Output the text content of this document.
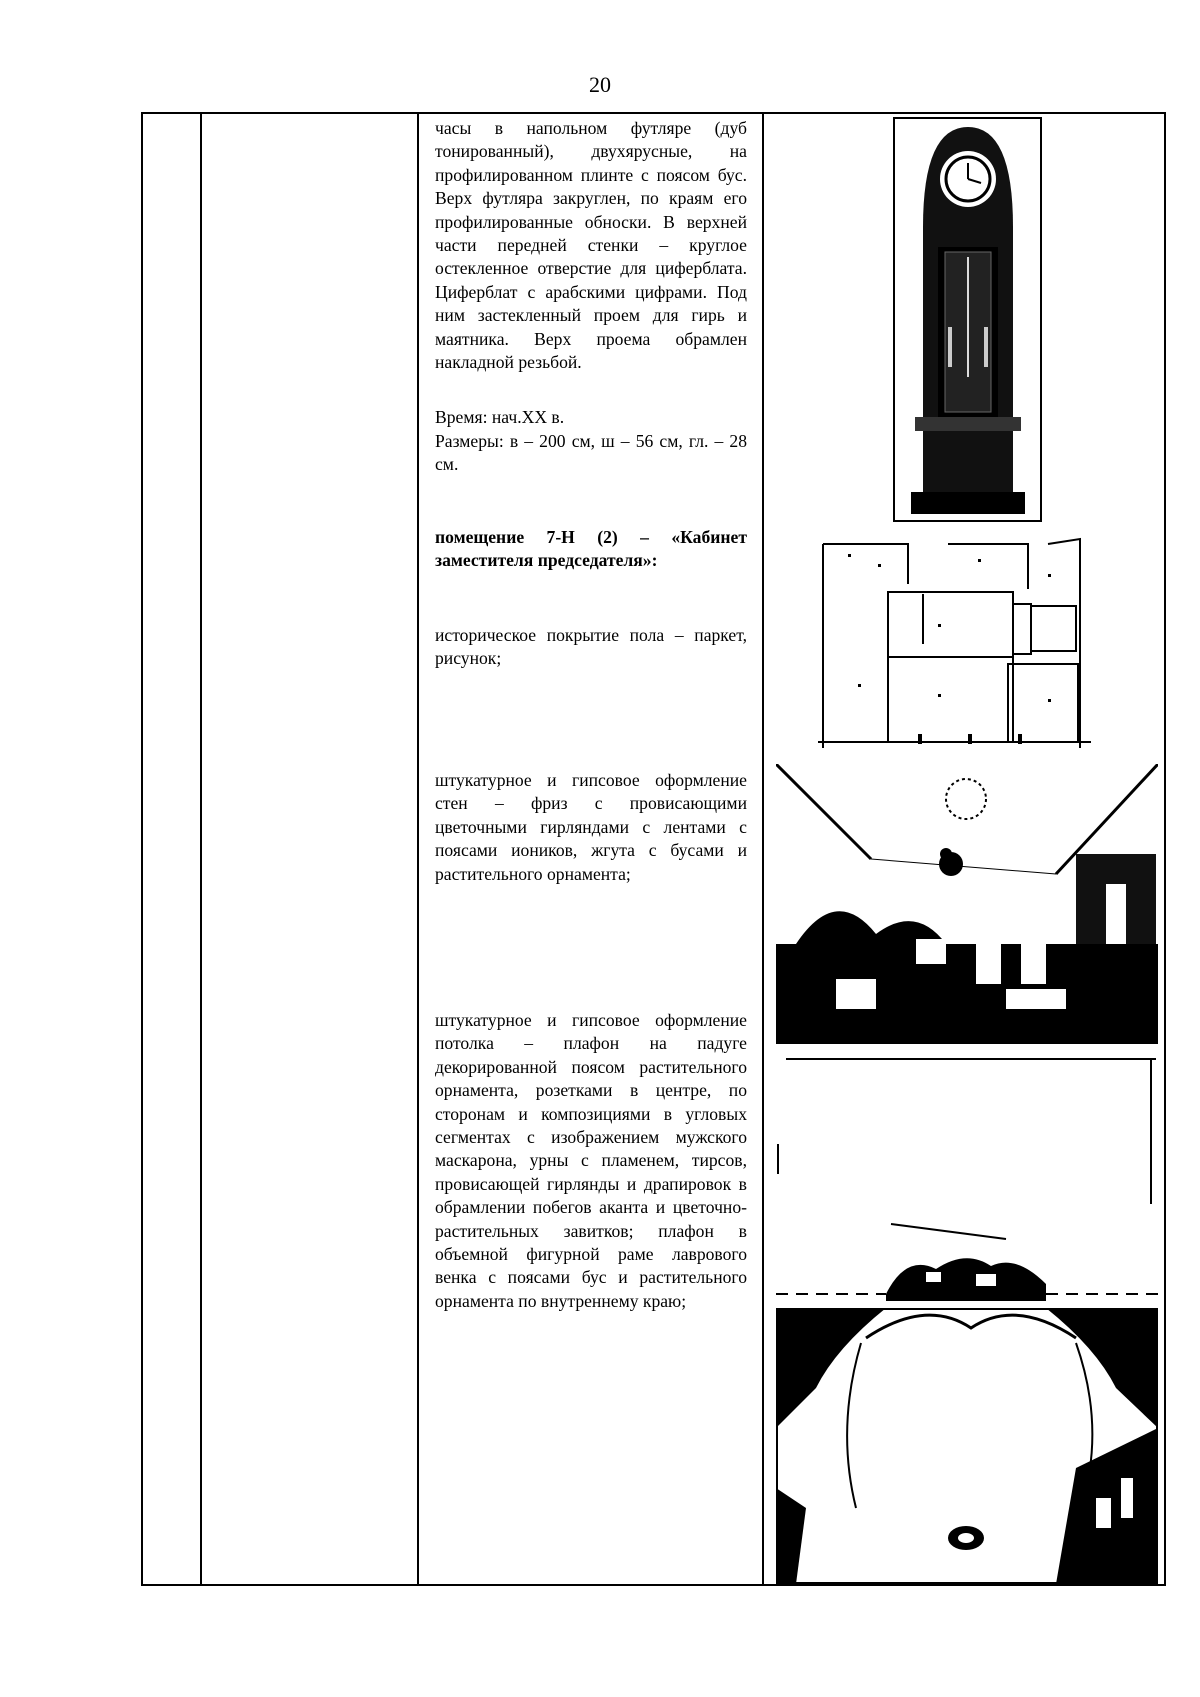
20

часы в напольном футляре (дуб тонированный), двухярусные, на профилированном плинте с поясом бус. Верх футляра закруглен, по краям его профилированные обноски. В верхней части передней стенки – круглое остекленное отверстие для циферблата. Циферблат с арабскими цифрами. Под ним застекленный проем для гирь и маятника. Верх проема обрамлен накладной резьбой.

Время: нач.XX в.

Размеры: в – 200 см, ш – 56 см, гл. – 28 см.

помещение 7-Н (2) – «Кабинет заместителя председателя»:

историческое покрытие пола – паркет, рисунок;

штукатурное и гипсовое оформление стен – фриз с провисающими цветочными гирляндами с лентами с поясами иоников, жгута с бусами и растительного орнамента;

штукатурное и гипсовое оформление потолка – плафон на падуге декорированной поясом растительного орнамента, розетками в центре, по сторонам и композициями в угловых сегментах с изображением мужского маскарона, урны с пламенем, тирсов, провисающей гирлянды и драпировок в обрамлении побегов аканта и цветочно-растительных завитков; плафон в объемной фигурной раме лаврового венка с поясами бус и растительного орнамента по внутреннему краю;
